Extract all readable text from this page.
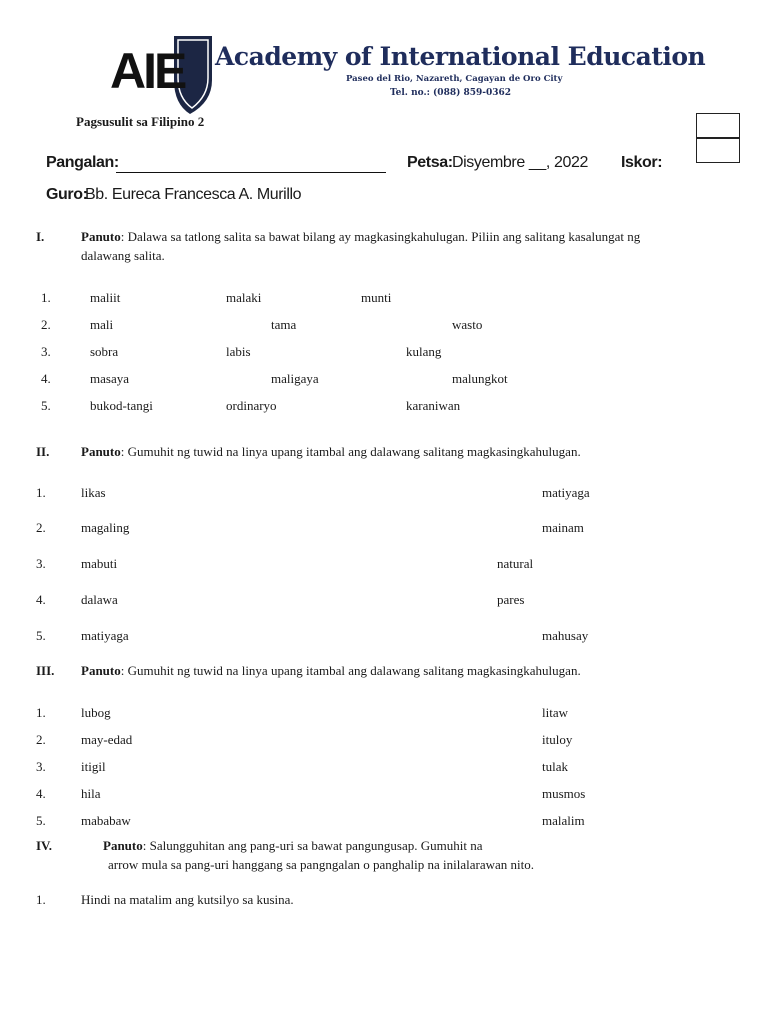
AIE Academy of International Education
Paseo del Rio, Nazareth, Cagayan de Oro City
Tel. no.: (088) 859-0362
Pagsusulit sa Filipino 2
Pangalan:	Petsa: Disyembre __, 2022 Iskor:
Guro:
Bb. Eureca Francesca A. Murillo
I.	Panuto: Dalawa sa tatlong salita sa bawat bilang ay magkasingkahulugan. Piliin ang salitang kasalungat ng
dalawang salita.
1.	maliit	malaki	munti
2.	mali	tama	wasto
3.	sobra	labis	kulang
4.	masaya	maligaya	malungkot
5.	bukod-tangi	ordinaryo	karaniwan
II. Panuto: Gumuhit ng tuwid na linya upang itambal ang dalawang salitang magkasingkahulugan.
1.	likas	matiyaga
2.	magaling	mainam
3.	mabuti	natural
4.	dalawa	pares
5.	matiyaga	mahusay
III. Panuto: Gumuhit ng tuwid na linya upang itambal ang dalawang salitang magkasingkahulugan.
1.	lubog	litaw
2.	may-edad	ituloy
3.	itigil	tulak
4.	hila	musmos
5.	mababaw	malalim
IV.	Panuto: Salungguhitan ang pang-uri sa bawat pangungusap. Gumuhit na
arrow mula sa pang-uri hanggang sa pangngalan o panghalip na inilalarawan nito.
1.	Hindi na matalim ang kutsilyo sa kusina.
